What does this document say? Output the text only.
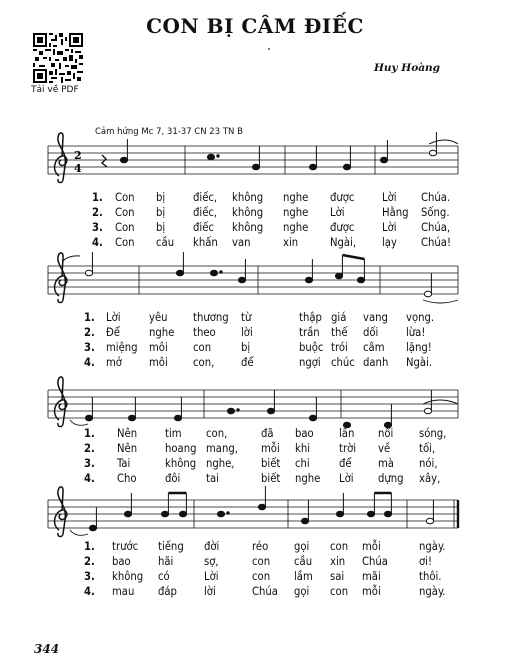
CON BỊ CÂM ĐIẾC
Huy Hoàng
Tải về PDF
Cảm hứng Mc 7, 31-37 CN 23 TN B
2
4
1. Con bị điếc, không nghe được Lời Chúa.
2. Con bị điếc, không nghe Lời	Hằng Sống.
3. Con bị điếc không nghe được Lời Chúa,
4. Con cầu khấn van	xin	Ngài, lạy Chúa!
1. Lời	yêu thương từ	thập giá vang vọng.
2. Để	nghe theo lời	trần thế dối lừa!
3. miệng môi con	bị	buộc trói câm lặng!
4. mở môi con, để	ngợi chúc danh Ngài.
1. Nên tim con,	đã bao lần nổi sóng,
2. Nên hoang mang, mỗi khi	trời về	tối,
3. Tai	không nghe, biết chi	để mà nói,
4. Cho	đôi tai	biết nghe Lời dựng xây,
1. trước tiếng đời	réo gọi con mỗi	ngày.
2. bao hãi	sợ,	con cầu xin Chúa	ơi!
3. không có	Lời	con lầm sai mãi	thôi.
4. mau đáp lời	Chúa gọi con mỗi	ngày.
344
